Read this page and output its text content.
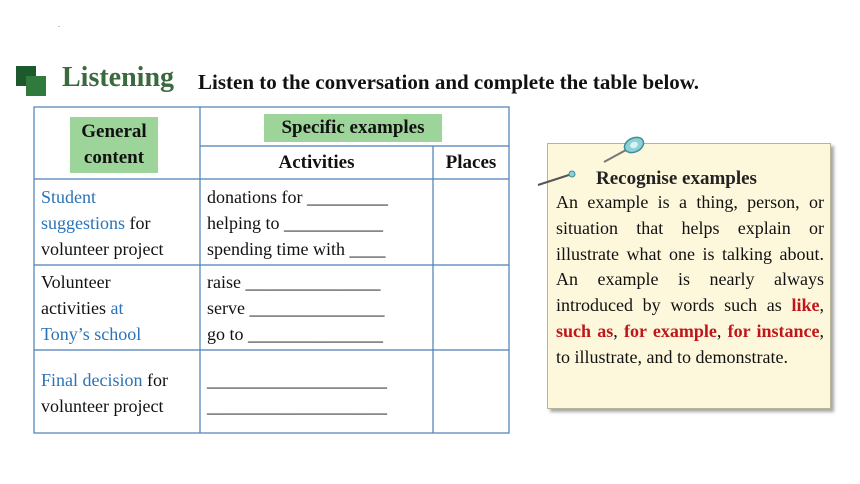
.
Listening Listen to the conversation and complete the table below.
General
content
Specific examples
Activities	Places
Student
suggestions for
volunteer project
donations for _________
helping to ___________
spending time with ____
Volunteer
activities at
Tony’s school
raise _______________
serve _______________
go to _______________
Final decision for
volunteer project
____________________
____________________
Recognise examples
An example is a thing, person, or situation that helps explain or illustrate what one is talking about. An example is nearly always introduced by words such as like, such as, for example, for instance, to illustrate, and to demonstrate.
